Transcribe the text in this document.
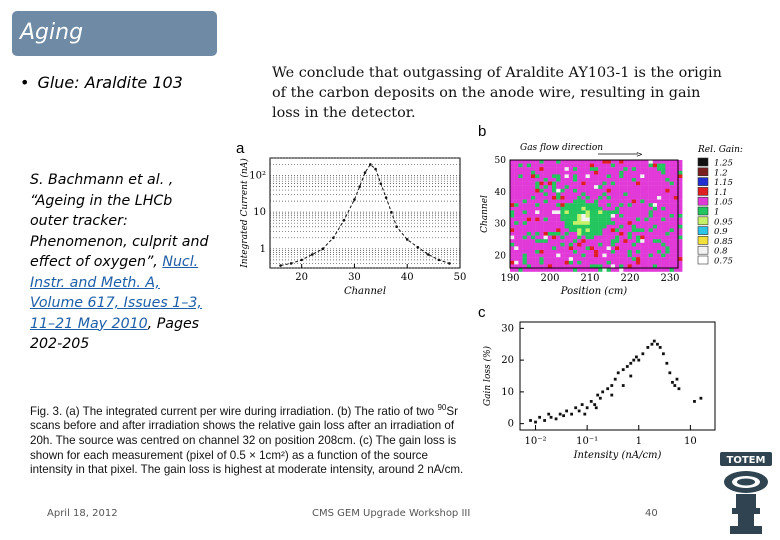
Aging
• Glue: Araldite 103	We conclude that outgassing of Araldite AY103-1 is the origin of the carbon deposits on the anode wire, resulting in gain loss in the detector.
S. Bachmann et al. ,
“Ageing in the LHCb outer tracker: Phenomenon, culprit and effect of oxygen”, Nucl. Instr. and Meth. A, Volume 617, Issues 1–3, 11–21 May 2010, Pages 202-205
a
b
c
20	30	40	50
1
10
10²
Channel
Integrated Current (nA)
Gas flow direction
>
190 200 210 220 230
20
30
40
50
Position (cm)
Channel
Rel. Gain:
1.25
1.2
1.15
1.1
1.05
1
0.95
0.9
0.85
0.8
0.75
10⁻²	10⁻¹	1	10
0
10
20
30
Intensity (nA/cm)
Gain loss (%)
Fig. 3. (a) The integrated current per wire during irradiation. (b) The ratio of two $^{90}$Sr scans before and after irradiation shows the relative gain loss after an irradiation of 20h. The source was centred on channel 32 on position 208cm. (c) The gain loss is shown for each measurement (pixel of 0.5 × 1cm²) as a function of the source intensity in that pixel. The gain loss is highest at moderate intensity, around 2 nA/cm.
April 18, 2012	CMS GEM Upgrade Workshop III	40
TOTEM
